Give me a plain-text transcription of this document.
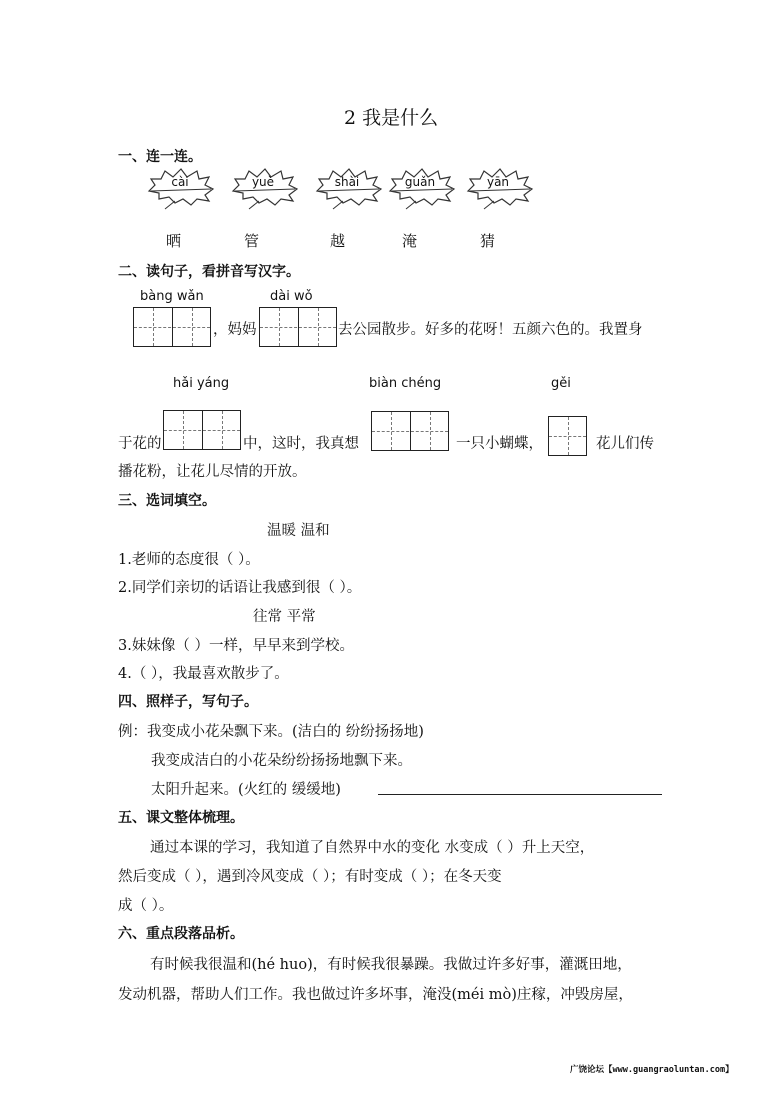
2 我是什么
一、连一连。
cài	yuè	shài	guǎn	yān
晒	管	越	淹	猜
二、读句子，看拼音写汉字。
bàng wǎn	dài wǒ
，妈妈	去公园散步。好多的花呀！五颜六色的。我置身
hǎi yáng	biàn chéng	gěi
于花的	中，这时，我真想	一只小蝴蝶，	花儿们传
播花粉，让花儿尽情的开放。
三、选词填空。
温暖 温和
1.老师的态度很（ ）。
2.同学们亲切的话语让我感到很（ ）。
往常 平常
3.妹妹像（ ）一样，早早来到学校。
4.（ ），我最喜欢散步了。
四、照样子，写句子。
例：我变成小花朵飘下来。(洁白的 纷纷扬扬地)
我变成洁白的小花朵纷纷扬扬地飘下来。
太阳升起来。(火红的 缓缓地)
五、课文整体梳理。
通过本课的学习，我知道了自然界中水的变化 水变成（ ）升上天空，
然后变成（ ），遇到冷风变成（ ）；有时变成（ ）；在冬天变
成（ ）。
六、重点段落品析。
有时候我很温和(hé huo)，有时候我很暴躁。我做过许多好事，灌溉田地，
发动机器，帮助人们工作。我也做过许多坏事，淹没(méi mò)庄稼，冲毁房屋，
广饶论坛【www.guangraoluntan.com】
